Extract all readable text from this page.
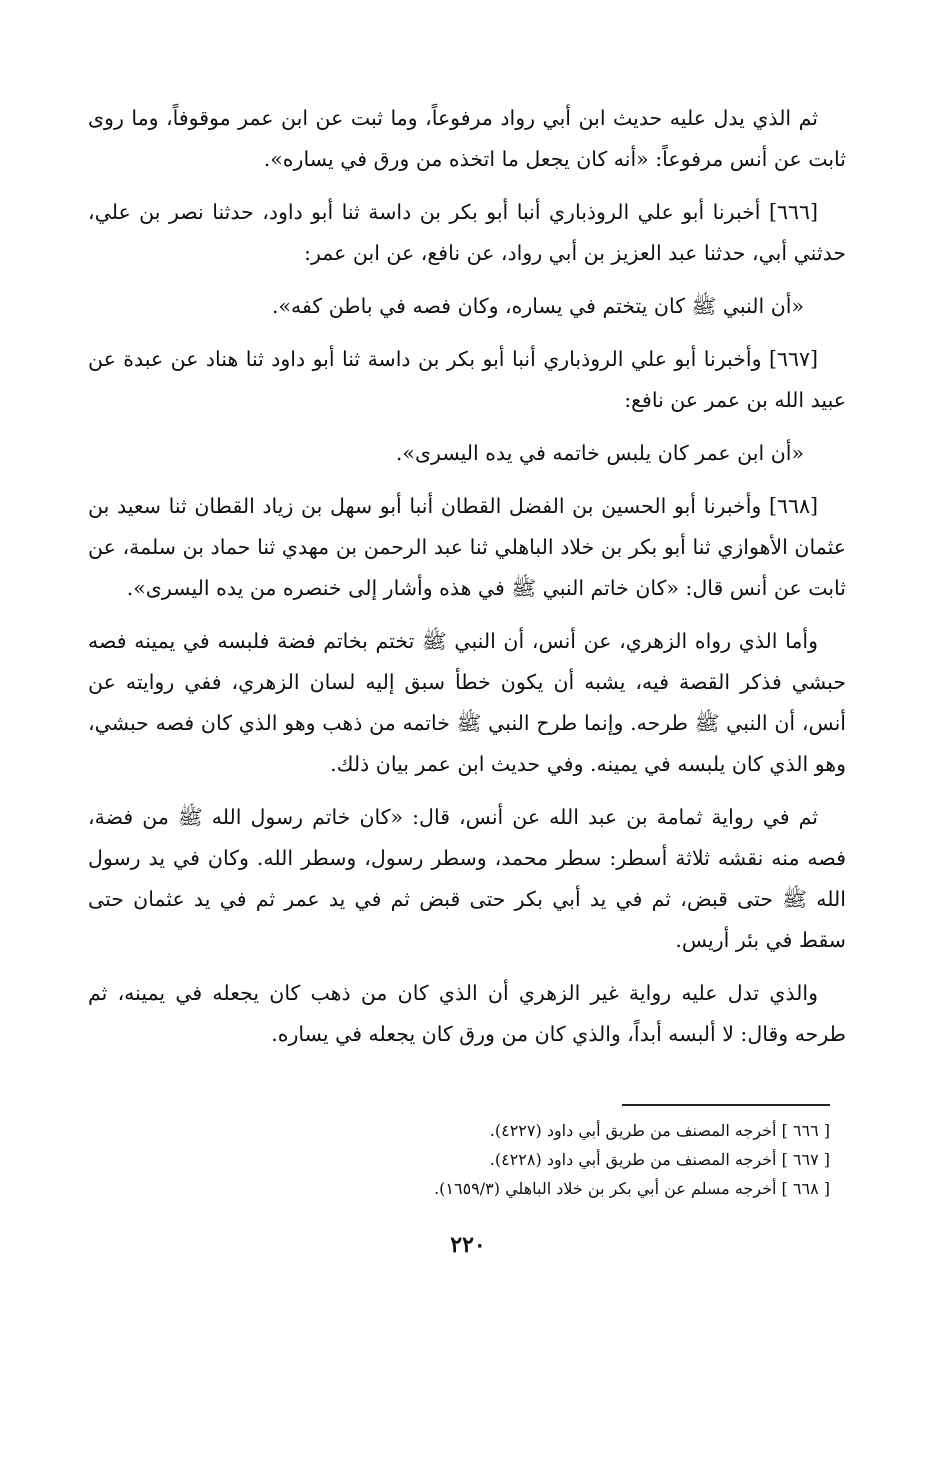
ثم الذي يدل عليه حديث ابن أبي رواد مرفوعاً، وما ثبت عن ابن عمر موقوفاً، وما روى ثابت عن أنس مرفوعاً: «أنه كان يجعل ما اتخذه من ورق في يساره».

[٦٦٦] أخبرنا أبو علي الروذباري أنبا أبو بكر بن داسة ثنا أبو داود، حدثنا نصر بن علي، حدثني أبي، حدثنا عبد العزيز بن أبي رواد، عن نافع، عن ابن عمر:

«أن النبي ﷺ كان يتختم في يساره، وكان فصه في باطن كفه».

[٦٦٧] وأخبرنا أبو علي الروذباري أنبا أبو بكر بن داسة ثنا أبو داود ثنا هناد عن عبدة عن عبيد الله بن عمر عن نافع:

«أن ابن عمر كان يلبس خاتمه في يده اليسرى».

[٦٦٨] وأخبرنا أبو الحسين بن الفضل القطان أنبا أبو سهل بن زياد القطان ثنا سعيد بن عثمان الأهوازي ثنا أبو بكر بن خلاد الباهلي ثنا عبد الرحمن بن مهدي ثنا حماد بن سلمة، عن ثابت عن أنس قال: «كان خاتم النبي ﷺ في هذه وأشار إلى خنصره من يده اليسرى».

وأما الذي رواه الزهري، عن أنس، أن النبي ﷺ تختم بخاتم فضة فلبسه في يمينه فصه حبشي فذكر القصة فيه، يشبه أن يكون خطأ سبق إليه لسان الزهري، ففي روايته عن أنس، أن النبي ﷺ طرحه. وإنما طرح النبي ﷺ خاتمه من ذهب وهو الذي كان فصه حبشي، وهو الذي كان يلبسه في يمينه. وفي حديث ابن عمر بيان ذلك.

ثم في رواية ثمامة بن عبد الله عن أنس، قال: «كان خاتم رسول الله ﷺ من فضة، فصه منه نقشه ثلاثة أسطر: سطر محمد، وسطر رسول، وسطر الله. وكان في يد رسول الله ﷺ حتى قبض، ثم في يد أبي بكر حتى قبض ثم في يد عمر ثم في يد عثمان حتى سقط في بئر أريس.

والذي تدل عليه رواية غير الزهري أن الذي كان من ذهب كان يجعله في يمينه، ثم طرحه وقال: لا ألبسه أبداً، والذي كان من ورق كان يجعله في يساره.

[ ٦٦٦ ] أخرجه المصنف من طريق أبي داود (٤٢٢٧).

[ ٦٦٧ ] أخرجه المصنف من طريق أبي داود (٤٢٢٨).

[ ٦٦٨ ] أخرجه مسلم عن أبي بكر بن خلاد الباهلي (١٦٥٩/٣).

٢٢٠
